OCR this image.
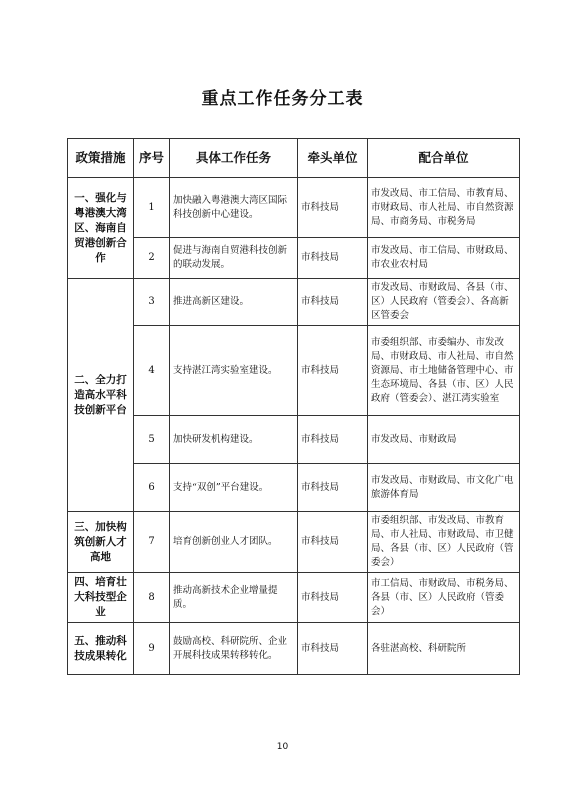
重点工作任务分工表
政策措施	序号	具体工作任务	牵头单位	配合单位
一、强化与粤港澳大湾区、海南自贸港创新合作	1	加快融入粤港澳大湾区国际科技创新中心建设。	市科技局	市发改局、市工信局、市教育局、市财政局、市人社局、市自然资源局、市商务局、市税务局
	2	促进与海南自贸港科技创新的联动发展。	市科技局	市发改局、市工信局、市财政局、市农业农村局
二、全力打造高水平科技创新平台	3	推进高新区建设。	市科技局	市发改局、市财政局、各县（市、区）人民政府（管委会）、各高新区管委会
	4	支持湛江湾实验室建设。	市科技局	市委组织部、市委编办、市发改局、市财政局、市人社局、市自然资源局、市土地储备管理中心、市生态环境局、各县（市、区）人民政府（管委会）、湛江湾实验室
	5	加快研发机构建设。	市科技局	市发改局、市财政局
	6	支持“双创”平台建设。	市科技局	市发改局、市财政局、市文化广电旅游体育局
三、加快构筑创新人才高地	7	培育创新创业人才团队。	市科技局	市委组织部、市发改局、市教育局、市人社局、市财政局、市卫健局、各县（市、区）人民政府（管委会）
四、培育壮大科技型企业	8	推动高新技术企业增量提质。	市科技局	市工信局、市财政局、市税务局、各县（市、区）人民政府（管委会）
五、推动科技成果转化	9	鼓励高校、科研院所、企业开展科技成果转移转化。	市科技局	各驻湛高校、科研院所
10
